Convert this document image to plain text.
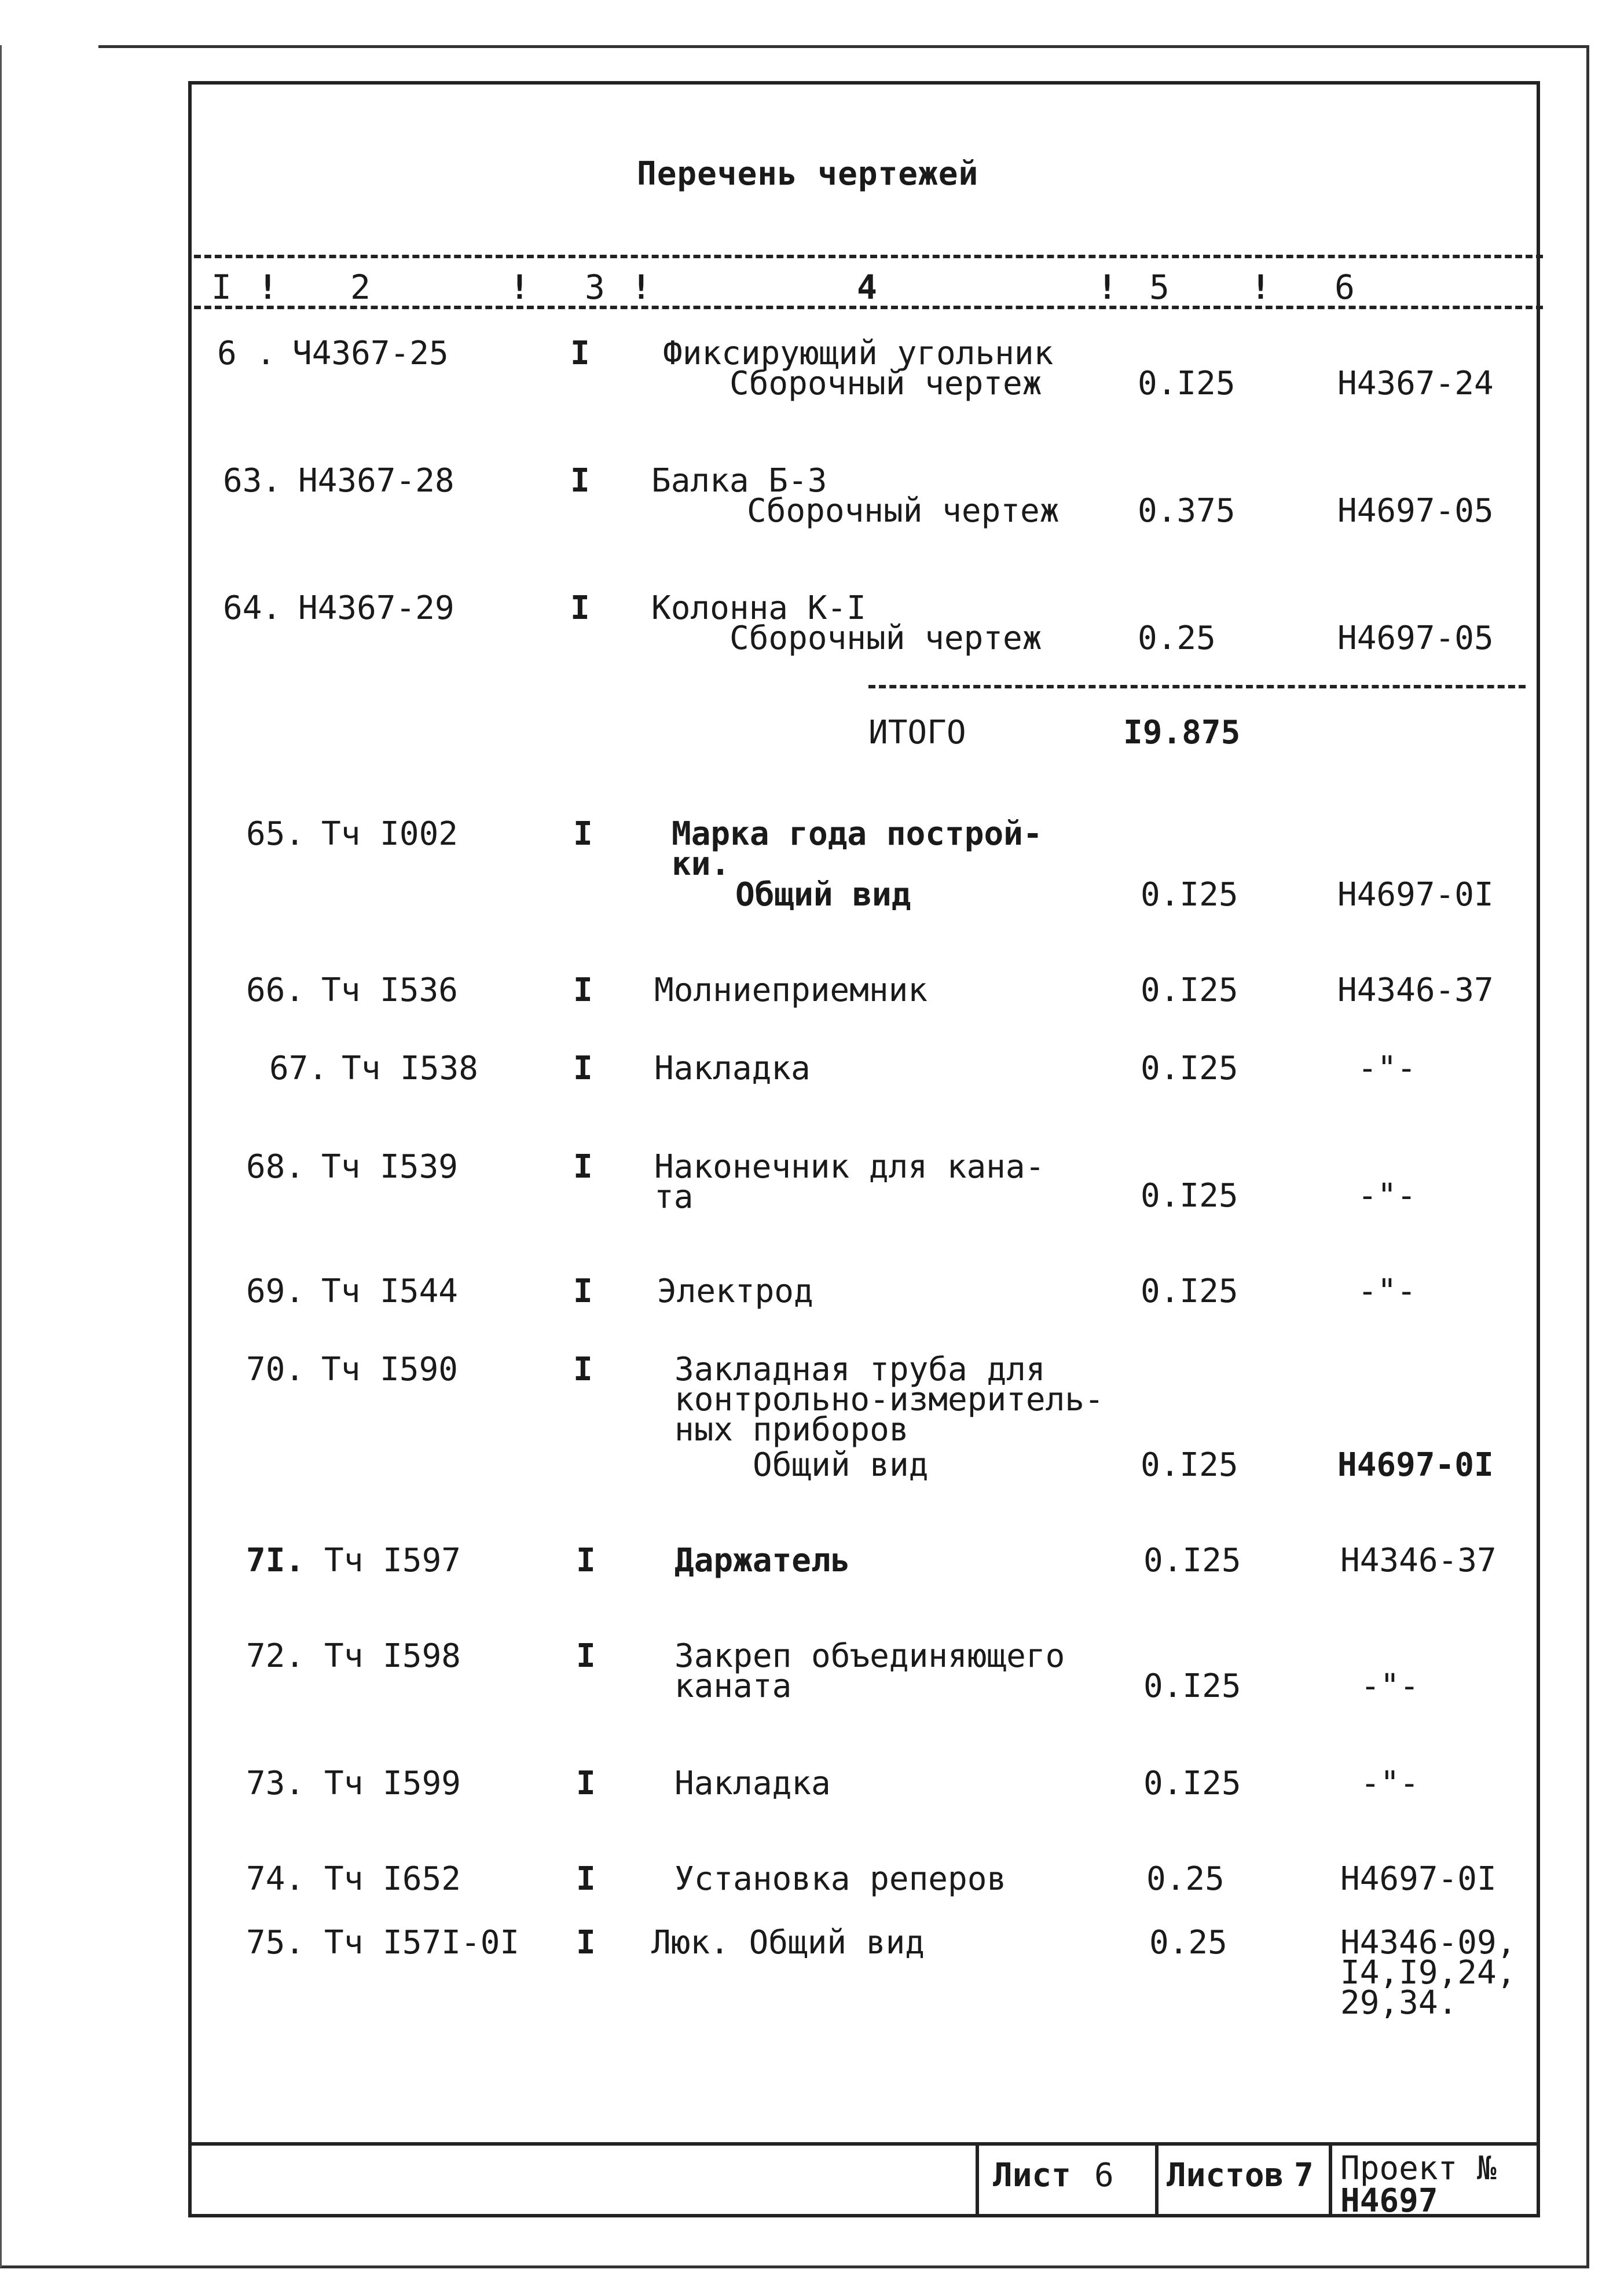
Перечень чертежей
I ! 2	! 3 !	4	! 5 ! 6
6 . Ч4367-25	I Фиксирующий угольник
Сборочный чертеж	0.I25	Н4367-24
63. Н4367-28	I Балка Б-3
Сборочный чертеж 0.375	Н4697-05
64. Н4367-29	I Колонна К-I
Сборочный чертеж	0.25	Н4697-05
ИТОГО	I9.875
65. Тч I002	I Марка года построй-
ки.
Общий вид	0.I25	Н4697-0I
66. Тч I536	I Молниеприемник	0.I25	Н4346-37
67. Тч I538	I Накладка	0.I25	-"-
68. Тч I539	I Наконечник для кана-
та	0.I25	-"-
69. Тч I544	I Электрод	0.I25	-"-
70. Тч I590	I	Закладная труба для
контрольно-измеритель-
ных приборов
Общий вид	0.I25	Н4697-0I
7I. Тч I597	I Даржатель	0.I25	Н4346-37
72. Тч I598	I Закреп объединяющего
каната	0.I25	-"-
73. Тч I599	I Накладка	0.I25	-"-
74. Тч I652	I Установка реперов	0.25	Н4697-0I
75. Тч I57I-0I I Люк. Общий вид	0.25	Н4346-09,
I4,I9,24,
29,34.
Лист 6 Листов 7 Проект №
Н4697
